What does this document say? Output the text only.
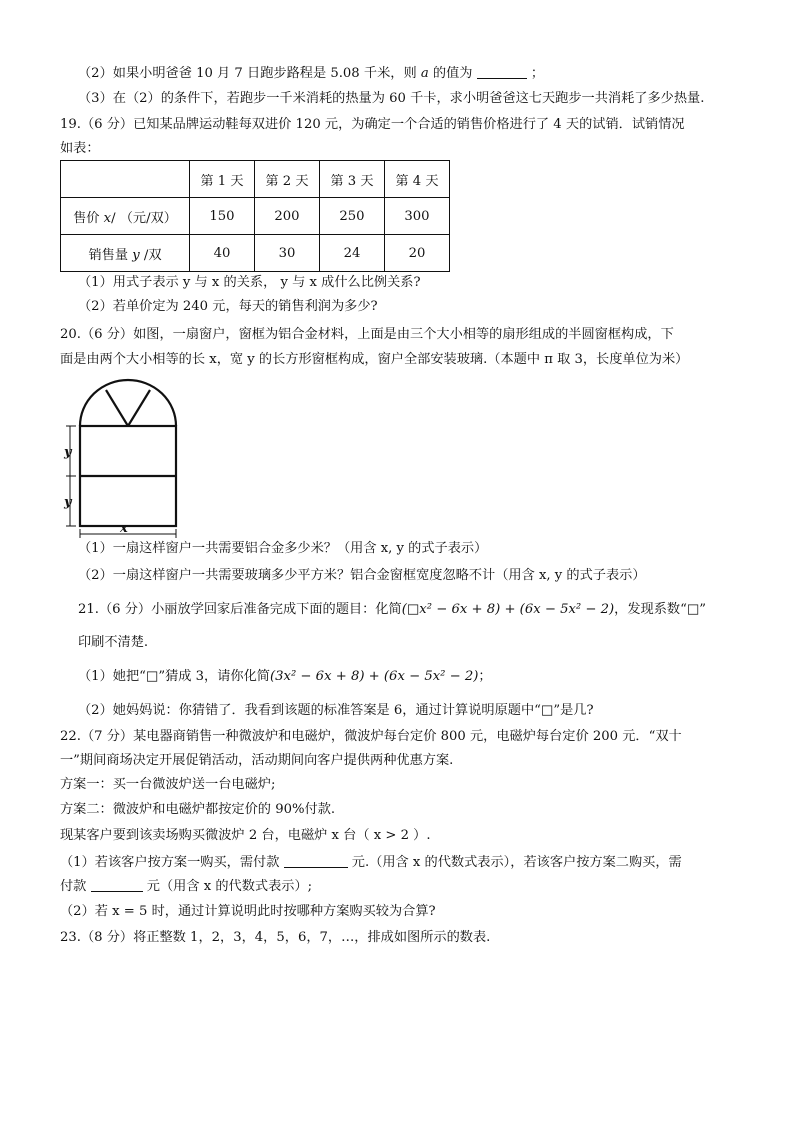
（2）如果小明爸爸 10 月 7 日跑步路程是 5.08 千米，则 a 的值为	；
（3）在（2）的条件下，若跑步一千米消耗的热量为 60 千卡，求小明爸爸这七天跑步一共消耗了多少热量.
19.（6 分）已知某品牌运动鞋每双进价 120 元，为确定一个合适的销售价格进行了 4 天的试销．试销情况
如表：
	第 1 天	第 2 天	第 3 天	第 4 天
售价 x/ （元/双）	150	200	250	300
销售量 y /双	40	30	24	20
（1）用式子表示 y 与 x 的关系， y 与 x 成什么比例关系?
（2）若单价定为 240 元，每天的销售利润为多少?
20.（6 分）如图，一扇窗户，窗框为铝合金材料，上面是由三个大小相等的扇形组成的半圆窗框构成，下
面是由两个大小相等的长 x，宽 y 的长方形窗框构成，窗户全部安装玻璃.（本题中 π 取 3，长度单位为米）
y
y
x
（1）一扇这样窗户一共需要铝合金多少米？（用含 x, y 的式子表示）
（2）一扇这样窗户一共需要玻璃多少平方米？铝合金窗框宽度忽略不计（用含 x, y 的式子表示）
21.（6 分）小丽放学回家后准备完成下面的题目：化简(□x² − 6x + 8) + (6x − 5x² − 2)，发现系数“□”
印刷不清楚.
（1）她把“□”猜成 3，请你化简(3x² − 6x + 8) + (6x − 5x² − 2)；
（2）她妈妈说：你猜错了．我看到该题的标准答案是 6，通过计算说明原题中“□”是几?
22.（7 分）某电器商销售一种微波炉和电磁炉，微波炉每台定价 800 元，电磁炉每台定价 200 元．“双十
一”期间商场决定开展促销活动，活动期间向客户提供两种优惠方案.
方案一：买一台微波炉送一台电磁炉;
方案二：微波炉和电磁炉都按定价的 90%付款.
现某客户要到该卖场购买微波炉 2 台，电磁炉 x 台（ x > 2 ）.
（1）若该客户按方案一购买，需付款	元.（用含 x 的代数式表示），若该客户按方案二购买，需
付款	元（用含 x 的代数式表示）;
（2）若 x = 5 时，通过计算说明此时按哪种方案购买较为合算?
23.（8 分）将正整数 1，2，3，4，5，6，7，…，排成如图所示的数表.
